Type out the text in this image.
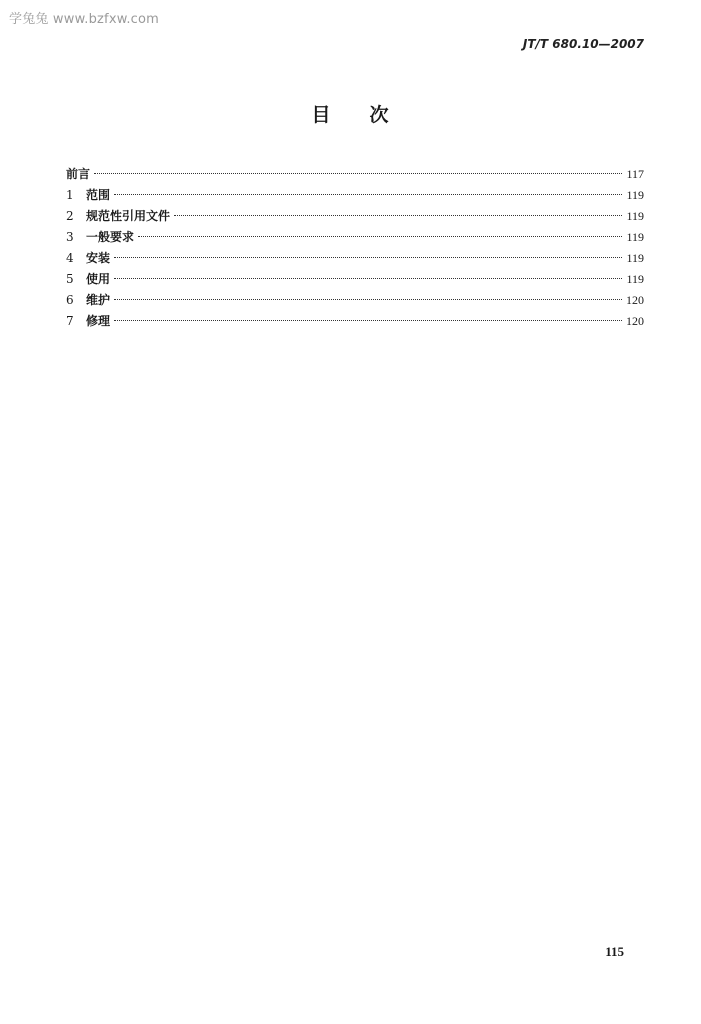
学兔兔 www.bzfxw.com
JT/T 680.10—2007
目 次
前言	117
1	范围	119
2	规范性引用文件	119
3	一般要求	119
4	安装	119
5	使用	119
6	维护	120
7	修理	120
115
